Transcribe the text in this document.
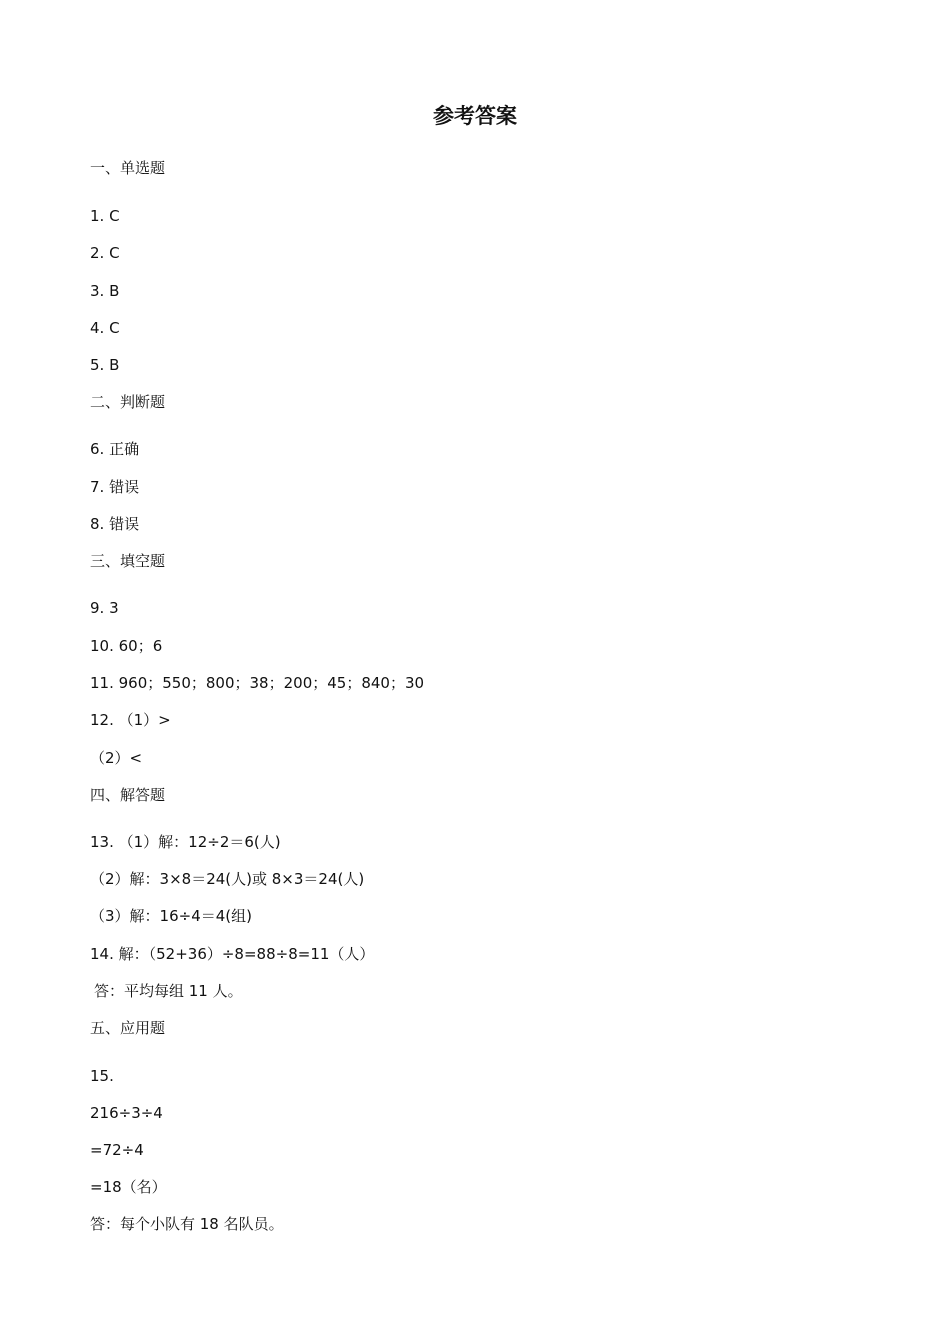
参考答案
一、单选题
1. C
2. C
3. B
4. C
5. B
二、判断题
6. 正确
7. 错误
8. 错误
三、填空题
9. 3
10. 60；6
11. 960；550；800；38；200；45；840；30
12. （1）>
（2）<
四、解答题
13. （1）解：12÷2＝6(人)
（2）解：3×8＝24(人)或 8×3＝24(人)
（3）解：16÷4＝4(组)
14. 解：（52+36）÷8=88÷8=11（人）
答：平均每组 11 人。
五、应用题
15.
216÷3÷4
=72÷4
=18（名）
答：每个小队有 18 名队员。
